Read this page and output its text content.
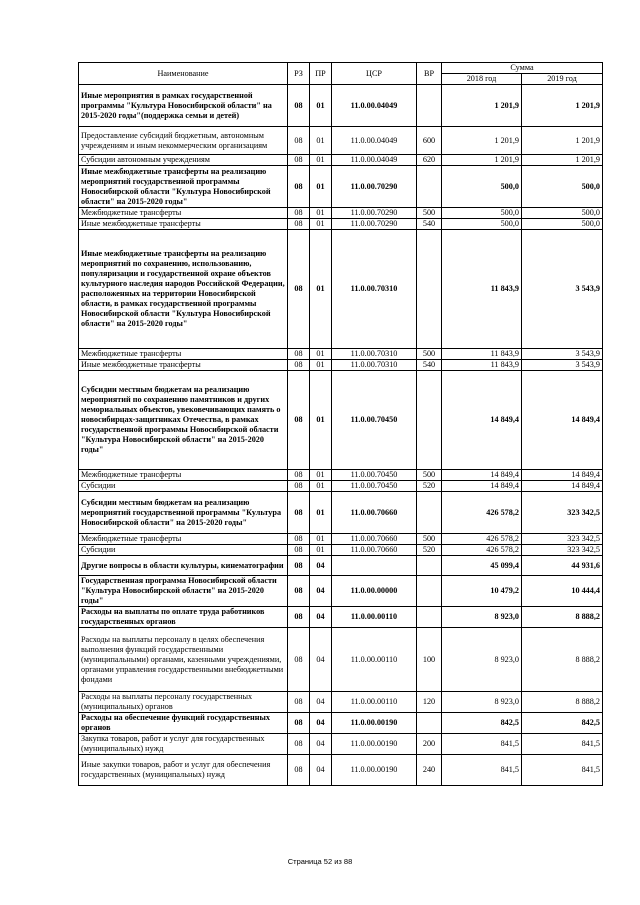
Наименование	РЗ	ПР	ЦСР	ВР	Сумма	
					2018 год	2019 год
Иные мероприятия в рамках государственной программы "Культура Новосибирской области" на 2015-2020 годы"(поддержка семьи и детей)	08	01	11.0.00.04049		1 201,9	1 201,9
Предоставление субсидий бюджетным, автономным учреждениям и иным некоммерческим организациям	08	01	11.0.00.04049	600	1 201,9	1 201,9
Субсидии автономным учреждениям	08	01	11.0.00.04049	620	1 201,9	1 201,9
Иные межбюджетные трансферты на реализацию мероприятий государственной программы Новосибирской области "Культура Новосибирской области" на 2015-2020 годы"	08	01	11.0.00.70290		500,0	500,0
Межбюджетные трансферты	08	01	11.0.00.70290	500	500,0	500,0
Иные межбюджетные трансферты	08	01	11.0.00.70290	540	500,0	500,0
Иные межбюджетные трансферты на реализацию мероприятий по сохранению, использованию, популяризации и государственной охране объектов культурного наследия народов Российской Федерации, расположенных на территории Новосибирской области, в рамках государственной программы Новосибирской области "Культура Новосибирской области" на 2015-2020 годы"	08	01	11.0.00.70310		11 843,9	3 543,9
Межбюджетные трансферты	08	01	11.0.00.70310	500	11 843,9	3 543,9
Иные межбюджетные трансферты	08	01	11.0.00.70310	540	11 843,9	3 543,9
Субсидии местным бюджетам на реализацию мероприятий по сохранению памятников и других мемориальных объектов, увековечивающих память о новосибирцах-защитниках Отечества, в рамках государственной программы Новосибирской области "Культура Новосибирской области" на 2015-2020 годы"	08	01	11.0.00.70450		14 849,4	14 849,4
Межбюджетные трансферты	08	01	11.0.00.70450	500	14 849,4	14 849,4
Субсидии	08	01	11.0.00.70450	520	14 849,4	14 849,4
Субсидии местным бюджетам на реализацию мероприятий государственной программы "Культура Новосибирской области" на 2015-2020 годы"	08	01	11.0.00.70660		426 578,2	323 342,5
Межбюджетные трансферты	08	01	11.0.00.70660	500	426 578,2	323 342,5
Субсидии	08	01	11.0.00.70660	520	426 578,2	323 342,5
Другие вопросы в области культуры, кинематографии	08	04			45 099,4	44 931,6
Государственная программа Новосибирской области "Культура Новосибирской области" на 2015-2020 годы"	08	04	11.0.00.00000		10 479,2	10 444,4
Расходы на выплаты по оплате труда работников государственных органов	08	04	11.0.00.00110		8 923,0	8 888,2
Расходы на выплаты персоналу в целях обеспечения выполнения функций государственными (муниципальными) органами, казенными учреждениями, органами управления государственными внебюджетными фондами	08	04	11.0.00.00110	100	8 923,0	8 888,2
Расходы на выплаты персоналу государственных (муниципальных) органов	08	04	11.0.00.00110	120	8 923,0	8 888,2
Расходы на обеспечение функций государственных органов	08	04	11.0.00.00190		842,5	842,5
Закупка товаров, работ и услуг для государственных (муниципальных) нужд	08	04	11.0.00.00190	200	841,5	841,5
Иные закупки товаров, работ и услуг для обеспечения государственных (муниципальных) нужд	08	04	11.0.00.00190	240	841,5	841,5
Страница 52 из 88
